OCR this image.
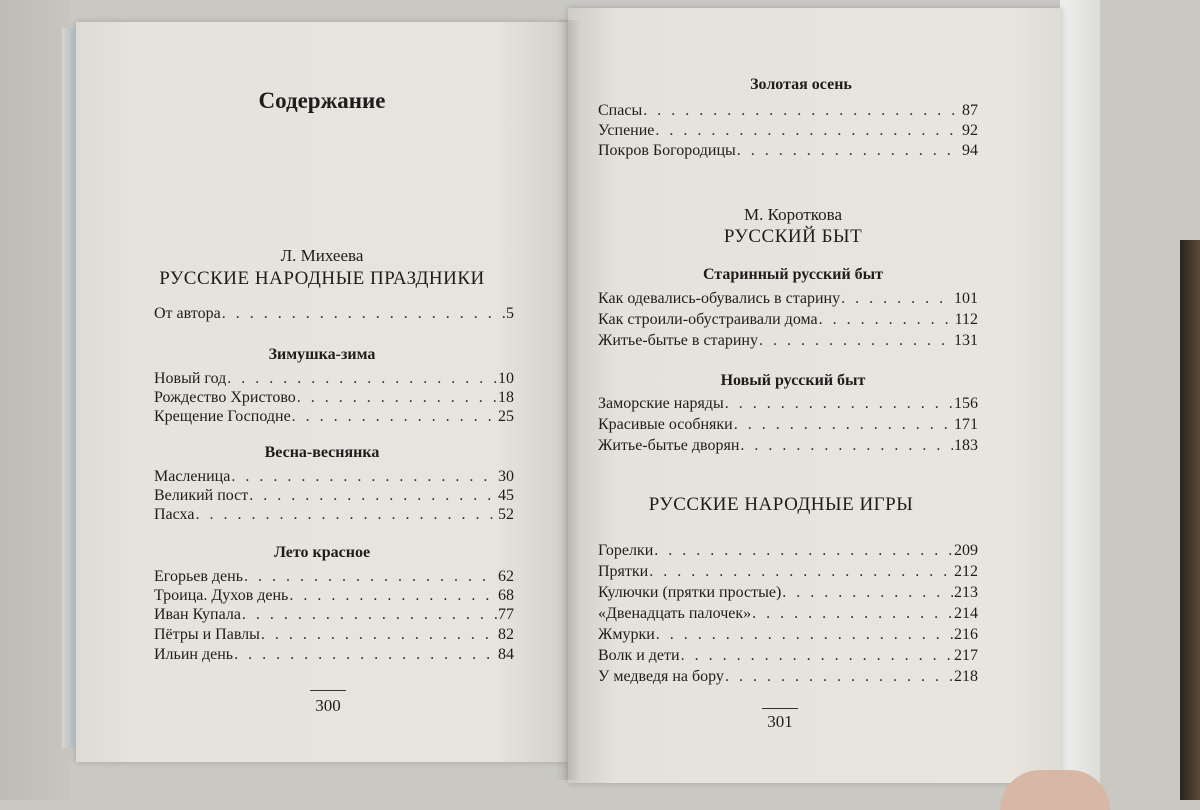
Содержание

Л. Михеева

РУССКИЕ НАРОДНЫЕ ПРАЗДНИКИ

От автора . . .	5

Зимушка-зима

Новый год . . .	10
Рождество Христово . . .	18
Крещение Господне . . .	25

Весна-веснянка

Масленица . . .	30
Великий пост . . .	45
Пасха . . .	52

Лето красное

Егорьев день . . .	62
Троица. Духов день . . .	68
Иван Купала . . .	77
Пётры и Павлы . . .	82
Ильин день . . .	84

300

Золотая осень

Спасы . . .	87
Успение . . .	92
Покров Богородицы . . .	94

М. Короткова

РУССКИЙ БЫТ

Старинный русский быт

Как одевались-обувались в старину . . .	101
Как строили-обустраивали дома . . .	112
Житье-бытье в старину . . .	131

Новый русский быт

Заморские наряды . . .	156
Красивые особняки . . .	171
Житье-бытье дворян . . .	183

РУССКИЕ НАРОДНЫЕ ИГРЫ

Горелки . . .	209
Прятки . . .	212
Кулючки (прятки простые) . . .	213
«Двенадцать палочек» . . .	214
Жмурки . . .	216
Волк и дети . . .	217
У медведя на бору . . .	218

301
